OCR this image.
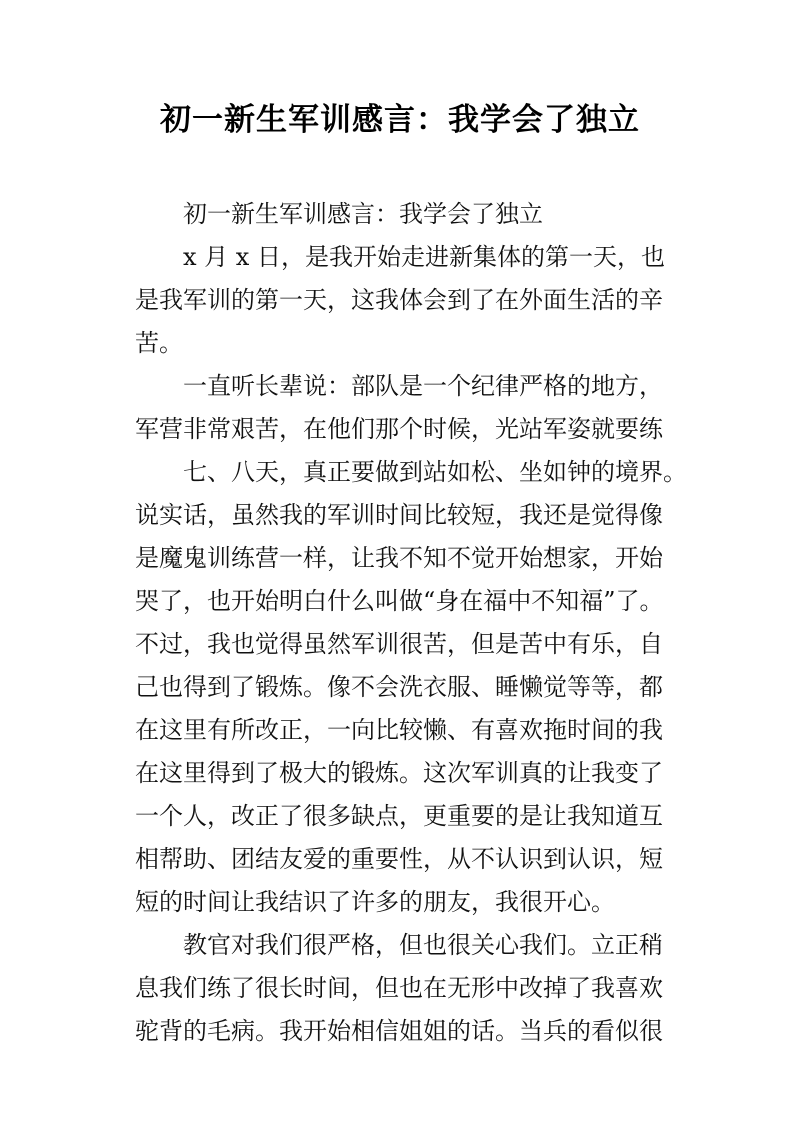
初一新生军训感言：我学会了独立
初一新生军训感言：我学会了独立
x 月 x 日，是我开始走进新集体的第一天，也
是我军训的第一天，这我体会到了在外面生活的辛
苦。
一直听长辈说：部队是一个纪律严格的地方，
军营非常艰苦，在他们那个时候，光站军姿就要练
七、八天，真正要做到站如松、坐如钟的境界。
说实话，虽然我的军训时间比较短，我还是觉得像
是魔鬼训练营一样，让我不知不觉开始想家，开始
哭了，也开始明白什么叫做“身在福中不知福”了。
不过，我也觉得虽然军训很苦，但是苦中有乐，自
己也得到了锻炼。像不会洗衣服、睡懒觉等等，都
在这里有所改正，一向比较懒、有喜欢拖时间的我
在这里得到了极大的锻炼。这次军训真的让我变了
一个人，改正了很多缺点，更重要的是让我知道互
相帮助、团结友爱的重要性，从不认识到认识，短
短的时间让我结识了许多的朋友，我很开心。
教官对我们很严格，但也很关心我们。立正稍
息我们练了很长时间，但也在无形中改掉了我喜欢
驼背的毛病。我开始相信姐姐的话。当兵的看似很
